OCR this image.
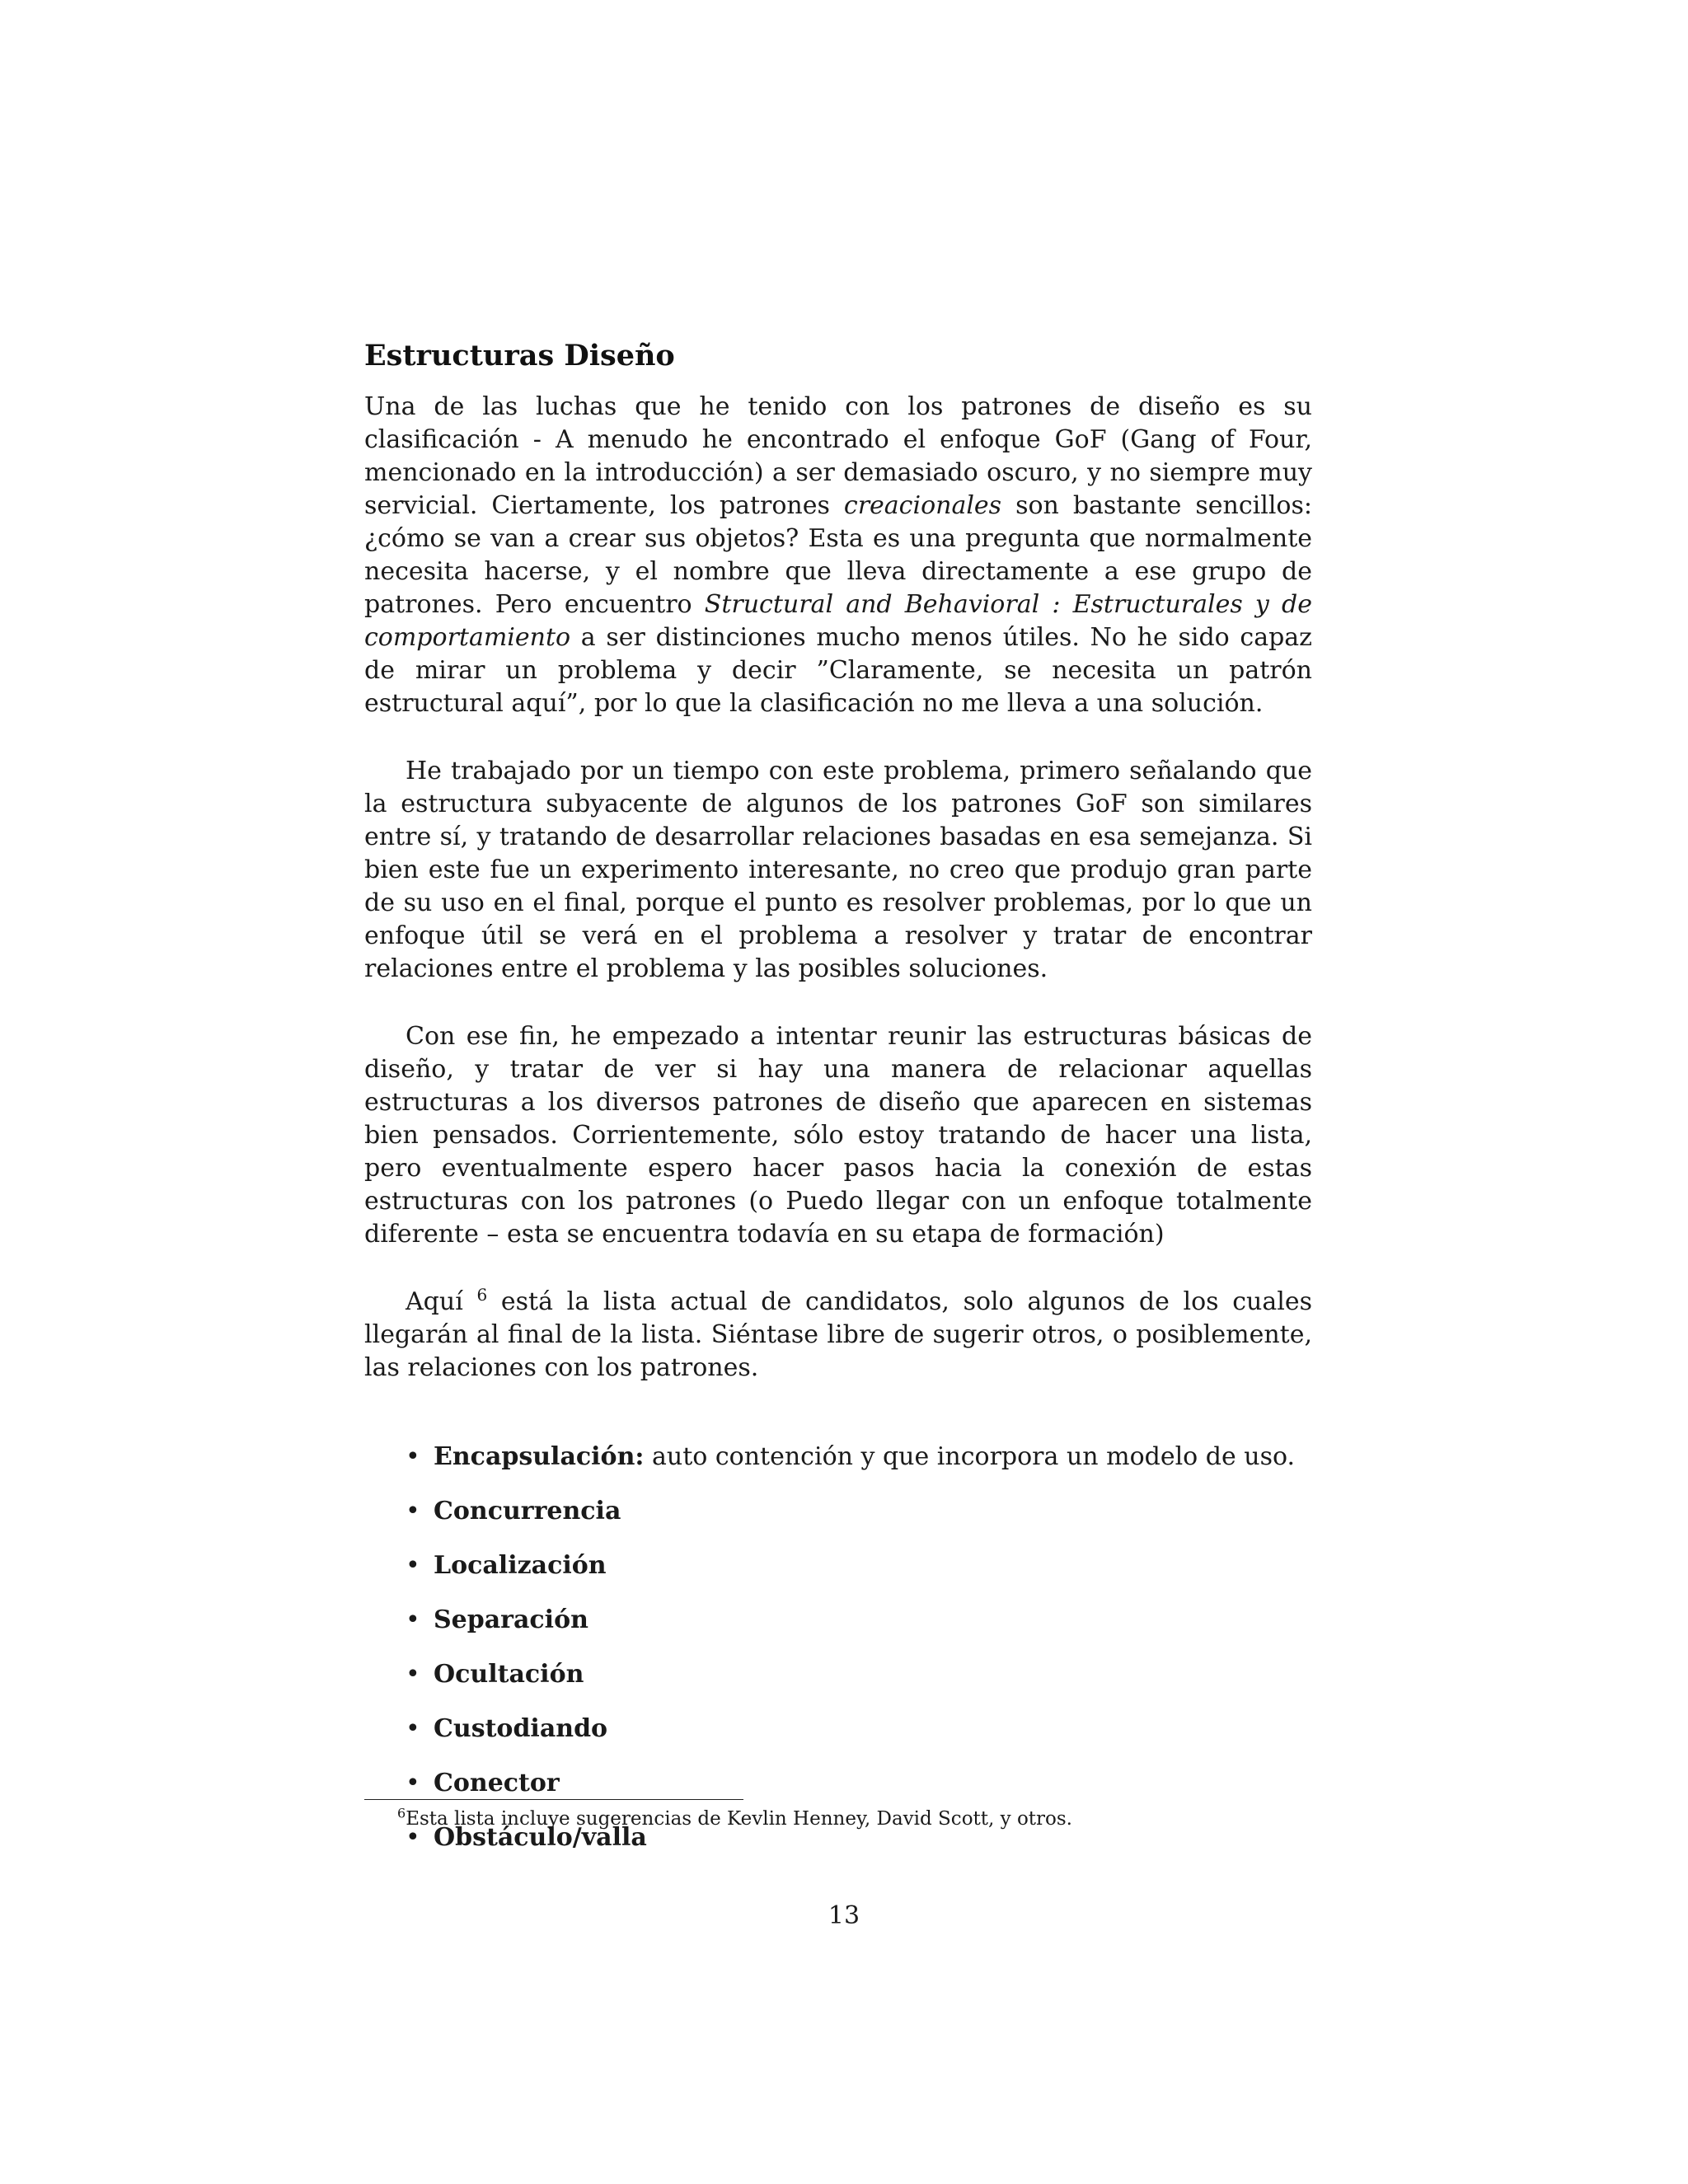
Estructuras Diseño

Una de las luchas que he tenido con los patrones de diseño es su clasificación - A menudo he encontrado el enfoque GoF (Gang of Four, mencionado en la introducción) a ser demasiado oscuro, y no siempre muy servicial. Ciertamente, los patrones creacionales son bastante sencillos: ¿cómo se van a crear sus objetos? Esta es una pregunta que normalmente necesita hacerse, y el nombre que lleva directamente a ese grupo de patrones. Pero encuentro Structural and Behavioral : Estructurales y de comportamiento a ser distinciones mucho menos útiles. No he sido capaz de mirar un problema y decir ”Claramente, se necesita un patrón estructural aquí”, por lo que la clasificación no me lleva a una solución.

He trabajado por un tiempo con este problema, primero señalando que la estructura subyacente de algunos de los patrones GoF son similares entre sí, y tratando de desarrollar relaciones basadas en esa semejanza. Si bien este fue un experimento interesante, no creo que produjo gran parte de su uso en el final, porque el punto es resolver problemas, por lo que un enfoque útil se verá en el problema a resolver y tratar de encontrar relaciones entre el problema y las posibles soluciones.

Con ese fin, he empezado a intentar reunir las estructuras básicas de diseño, y tratar de ver si hay una manera de relacionar aquellas estructuras a los diversos patrones de diseño que aparecen en sistemas bien pensados. Corrientemente, sólo estoy tratando de hacer una lista, pero eventualmente espero hacer pasos hacia la conexión de estas estructuras con los patrones (o Puedo llegar con un enfoque totalmente diferente – esta se encuentra todavía en su etapa de formación)

Aquí $^6$ está la lista actual de candidatos, solo algunos de los cuales llegarán al final de la lista. Siéntase libre de sugerir otros, o posiblemente, las relaciones con los patrones.

• Encapsulación: auto contención y que incorpora un modelo de uso.
• Concurrencia
• Localización
• Separación
• Ocultación
• Custodiando
• Conector
• Obstáculo/valla
$^6$Esta lista incluye sugerencias de Kevlin Henney, David Scott, y otros.
13
